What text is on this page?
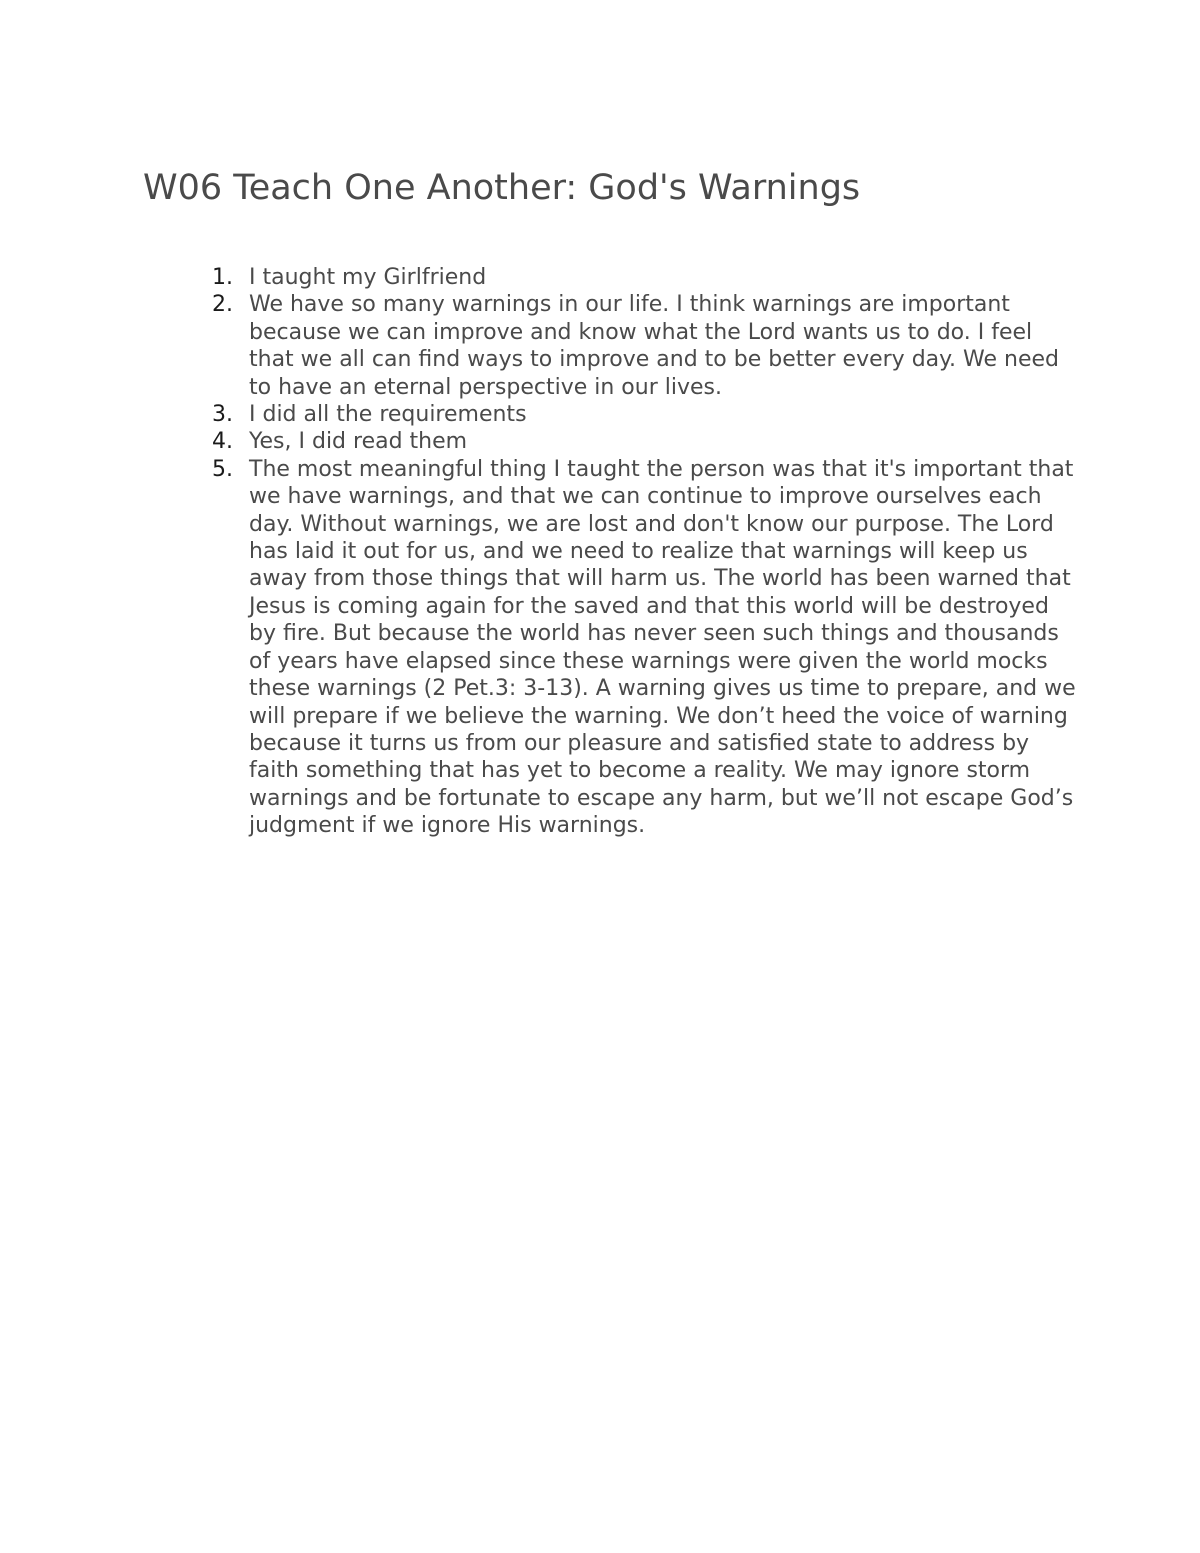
W06 Teach One Another: God's Warnings
1. I taught my Girlfriend
2. We have so many warnings in our life. I think warnings are important because we can improve and know what the Lord wants us to do. I feel that we all can find ways to improve and to be better every day. We need to have an eternal perspective in our lives.
3. I did all the requirements
4. Yes, I did read them
5. The most meaningful thing I taught the person was that it's important that we have warnings, and that we can continue to improve ourselves each day. Without warnings, we are lost and don't know our purpose. The Lord has laid it out for us, and we need to realize that warnings will keep us away from those things that will harm us. The world has been warned that Jesus is coming again for the saved and that this world will be destroyed by fire. But because the world has never seen such things and thousands of years have elapsed since these warnings were given the world mocks these warnings (2 Pet.3: 3-13). A warning gives us time to prepare, and we will prepare if we believe the warning. We don’t heed the voice of warning because it turns us from our pleasure and satisfied state to address by faith something that has yet to become a reality. We may ignore storm warnings and be fortunate to escape any harm, but we’ll not escape God’s judgment if we ignore His warnings.
